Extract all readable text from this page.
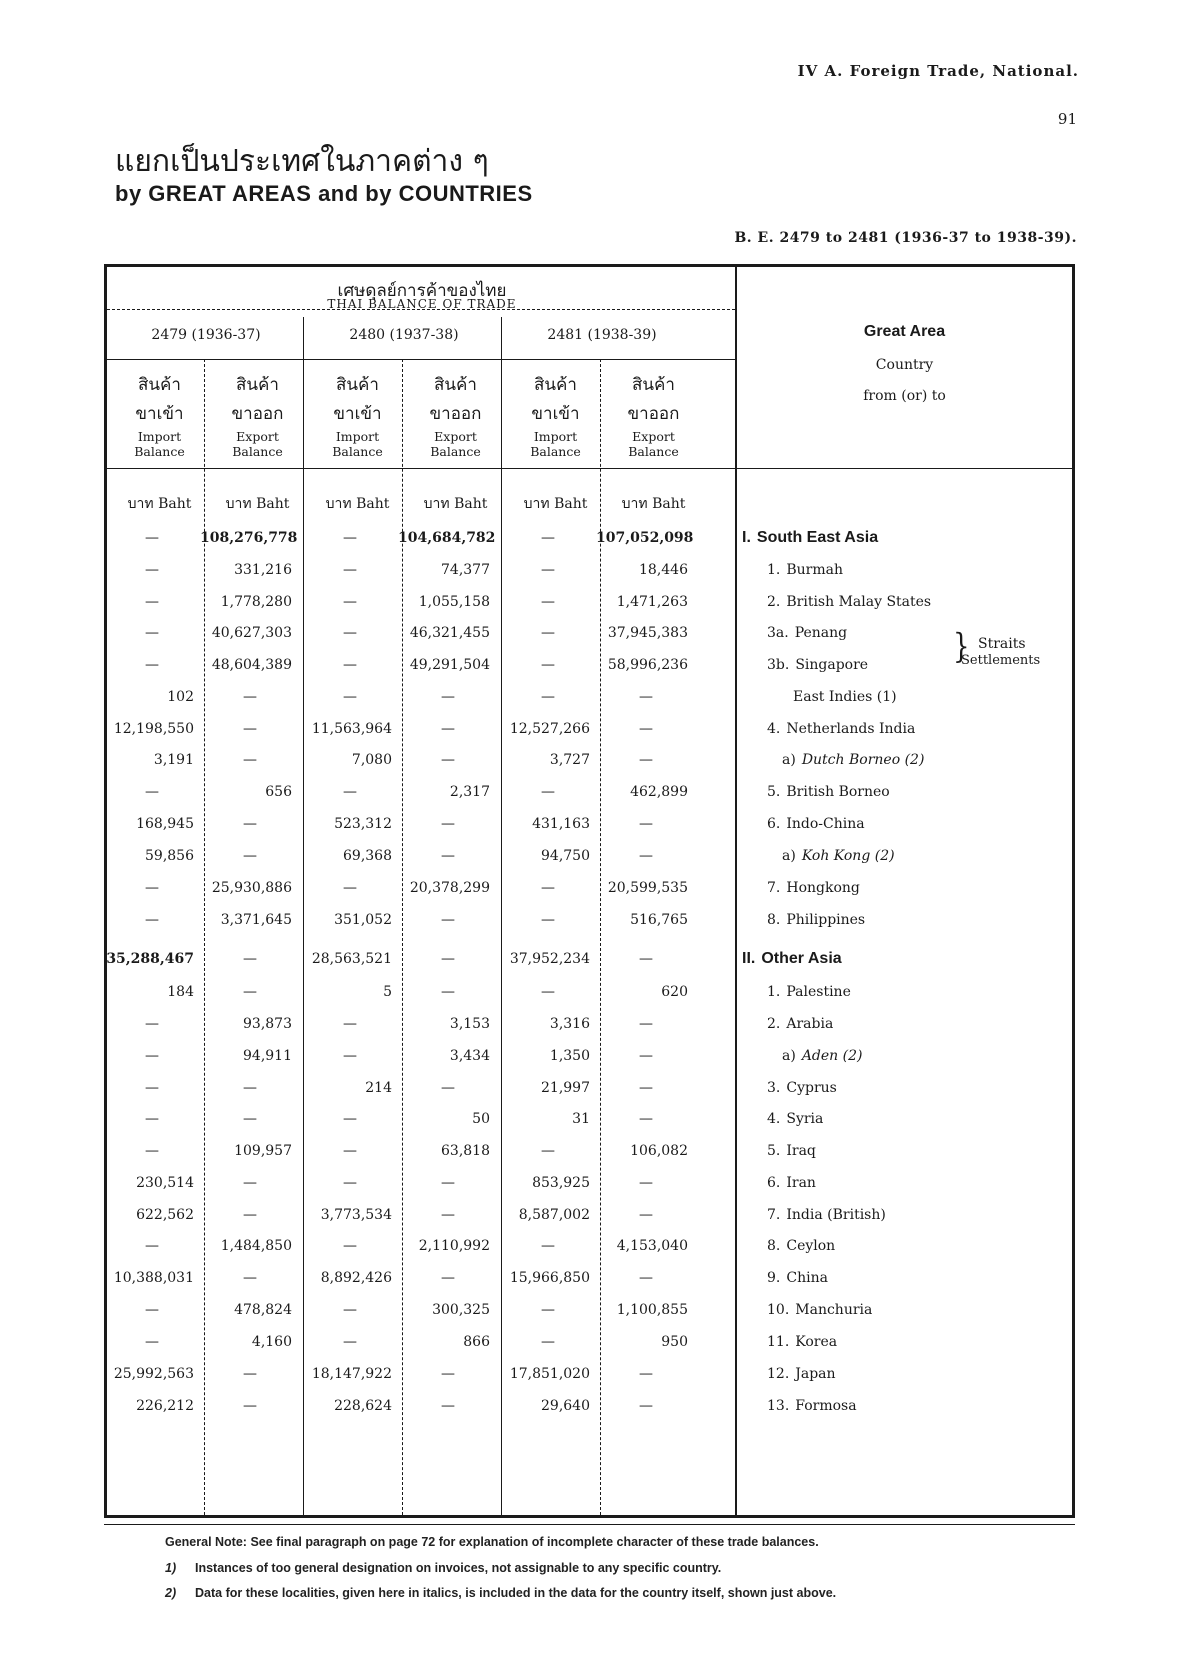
IV A. Foreign Trade, National.
91
แยกเป็นประเทศในภาคต่าง ๆ
by GREAT AREAS and by COUNTRIES
B. E. 2479 to 2481 (1936-37 to 1938-39).
เศษดุลย์การค้าของไทย
THAI BALANCE OF TRADE
2479 (1936-37)	2480 (1937-38)	2481 (1938-39)
สินค้า
ขาเข้า
Import
Balance
บาท Baht
สินค้า
ขาออก
Export
Balance
บาท Baht
สินค้า
ขาเข้า
Import
Balance
บาท Baht
สินค้า
ขาออก
Export
Balance
บาท Baht
สินค้า
ขาเข้า
Import
Balance
บาท Baht
สินค้า
ขาออก
Export
Balance
บาท Baht
Great Area
Country
from (or) to
—	108,276,778	—	104,684,782	—	107,052,098	I. South East Asia
—	331,216	—	74,377	—	18,446	1. Burmah
—	1,778,280	—	1,055,158	—	1,471,263	2. British Malay States
—	40,627,303	—	46,321,455	—	37,945,383	3a. Penang
—	48,604,389	—	49,291,504	—	58,996,236	3b. Singapore
102	—	—	—	—	—	East Indies (1)
12,198,550	—	11,563,964	—	12,527,266	—	4. Netherlands India
3,191	—	7,080	—	3,727	—	a) Dutch Borneo (2)
—	656	—	2,317	—	462,899	5. British Borneo
168,945	—	523,312	—	431,163	—	6. Indo-China
59,856	—	69,368	—	94,750	—	a) Koh Kong (2)
—	25,930,886	—	20,378,299	—	20,599,535	7. Hongkong
—	3,371,645	351,052	—	—	516,765	8. Philippines
35,288,467	—	28,563,521	—	37,952,234	—	II. Other Asia
184	—	5	—	—	620	1. Palestine
—	93,873	—	3,153	3,316	—	2. Arabia
—	94,911	—	3,434	1,350	—	a) Aden (2)
—	—	214	—	21,997	—	3. Cyprus
—	—	—	50	31	—	4. Syria
—	109,957	—	63,818	—	106,082	5. Iraq
230,514	—	—	—	853,925	—	6. Iran
622,562	—	3,773,534	—	8,587,002	—	7. India (British)
—	1,484,850	—	2,110,992	—	4,153,040	8. Ceylon
10,388,031	—	8,892,426	—	15,966,850	—	9. China
—	478,824	—	300,325	—	1,100,855	10. Manchuria
—	4,160	—	866	—	950	11. Korea
25,992,563	—	18,147,922	—	17,851,020	—	12. Japan
226,212	—	228,624	—	29,640	—	13. Formosa
} Straits
Settlements
General Note: See final paragraph on page 72 for explanation of incomplete character of these trade balances.
1) Instances of too general designation on invoices, not assignable to any specific country.
2) Data for these localities, given here in italics, is included in the data for the country itself, shown just above.
